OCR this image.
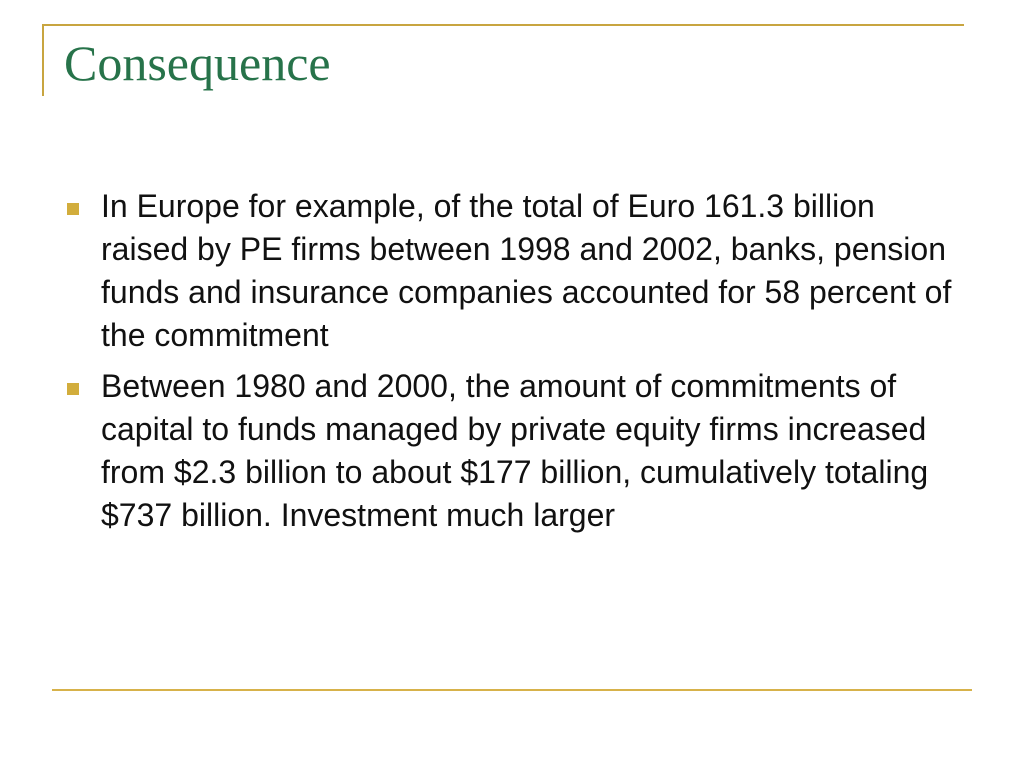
Consequence
In Europe for example, of the total of Euro 161.3 billion raised by PE firms between 1998 and 2002, banks, pension funds and insurance companies accounted for 58 percent of the commitment
Between 1980 and 2000, the amount of commitments of capital to funds managed by private equity firms increased from $2.3 billion to about $177 billion, cumulatively totaling $737 billion. Investment much larger
